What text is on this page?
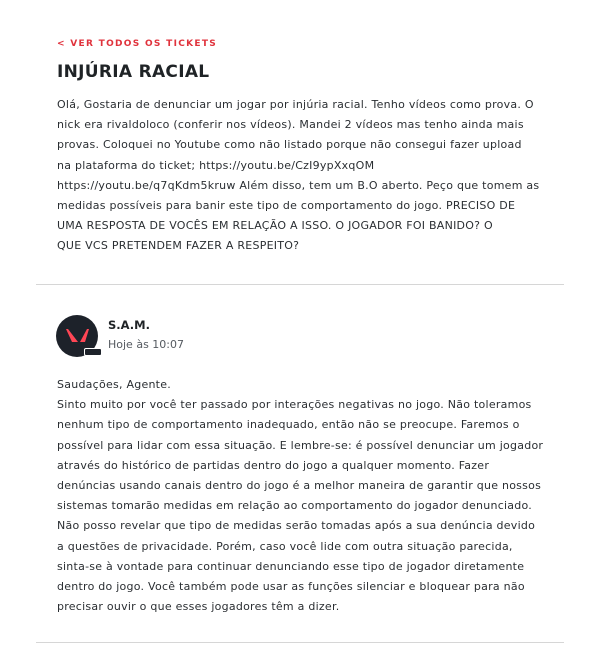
< VER TODOS OS TICKETS
INJÚRIA RACIAL
Olá, Gostaria de denunciar um jogar por injúria racial. Tenho vídeos como prova. O
nick era rivaldoloco (conferir nos vídeos). Mandei 2 vídeos mas tenho ainda mais
provas. Coloquei no Youtube como não listado porque não consegui fazer upload
na plataforma do ticket; https://youtu.be/CzI9ypXxqOM
https://youtu.be/q7qKdm5kruw Além disso, tem um B.O aberto. Peço que tomem as
medidas possíveis para banir este tipo de comportamento do jogo. PRECISO DE
UMA RESPOSTA DE VOCÊS EM RELAÇÃO A ISSO. O JOGADOR FOI BANIDO? O
QUE VCS PRETENDEM FAZER A RESPEITO?
S.A.M.
Hoje às 10:07
Saudações, Agente.
Sinto muito por você ter passado por interações negativas no jogo. Não toleramos
nenhum tipo de comportamento inadequado, então não se preocupe. Faremos o
possível para lidar com essa situação. E lembre-se: é possível denunciar um jogador
através do histórico de partidas dentro do jogo a qualquer momento. Fazer
denúncias usando canais dentro do jogo é a melhor maneira de garantir que nossos
sistemas tomarão medidas em relação ao comportamento do jogador denunciado.
Não posso revelar que tipo de medidas serão tomadas após a sua denúncia devido
a questões de privacidade. Porém, caso você lide com outra situação parecida,
sinta-se à vontade para continuar denunciando esse tipo de jogador diretamente
dentro do jogo. Você também pode usar as funções silenciar e bloquear para não
precisar ouvir o que esses jogadores têm a dizer.
